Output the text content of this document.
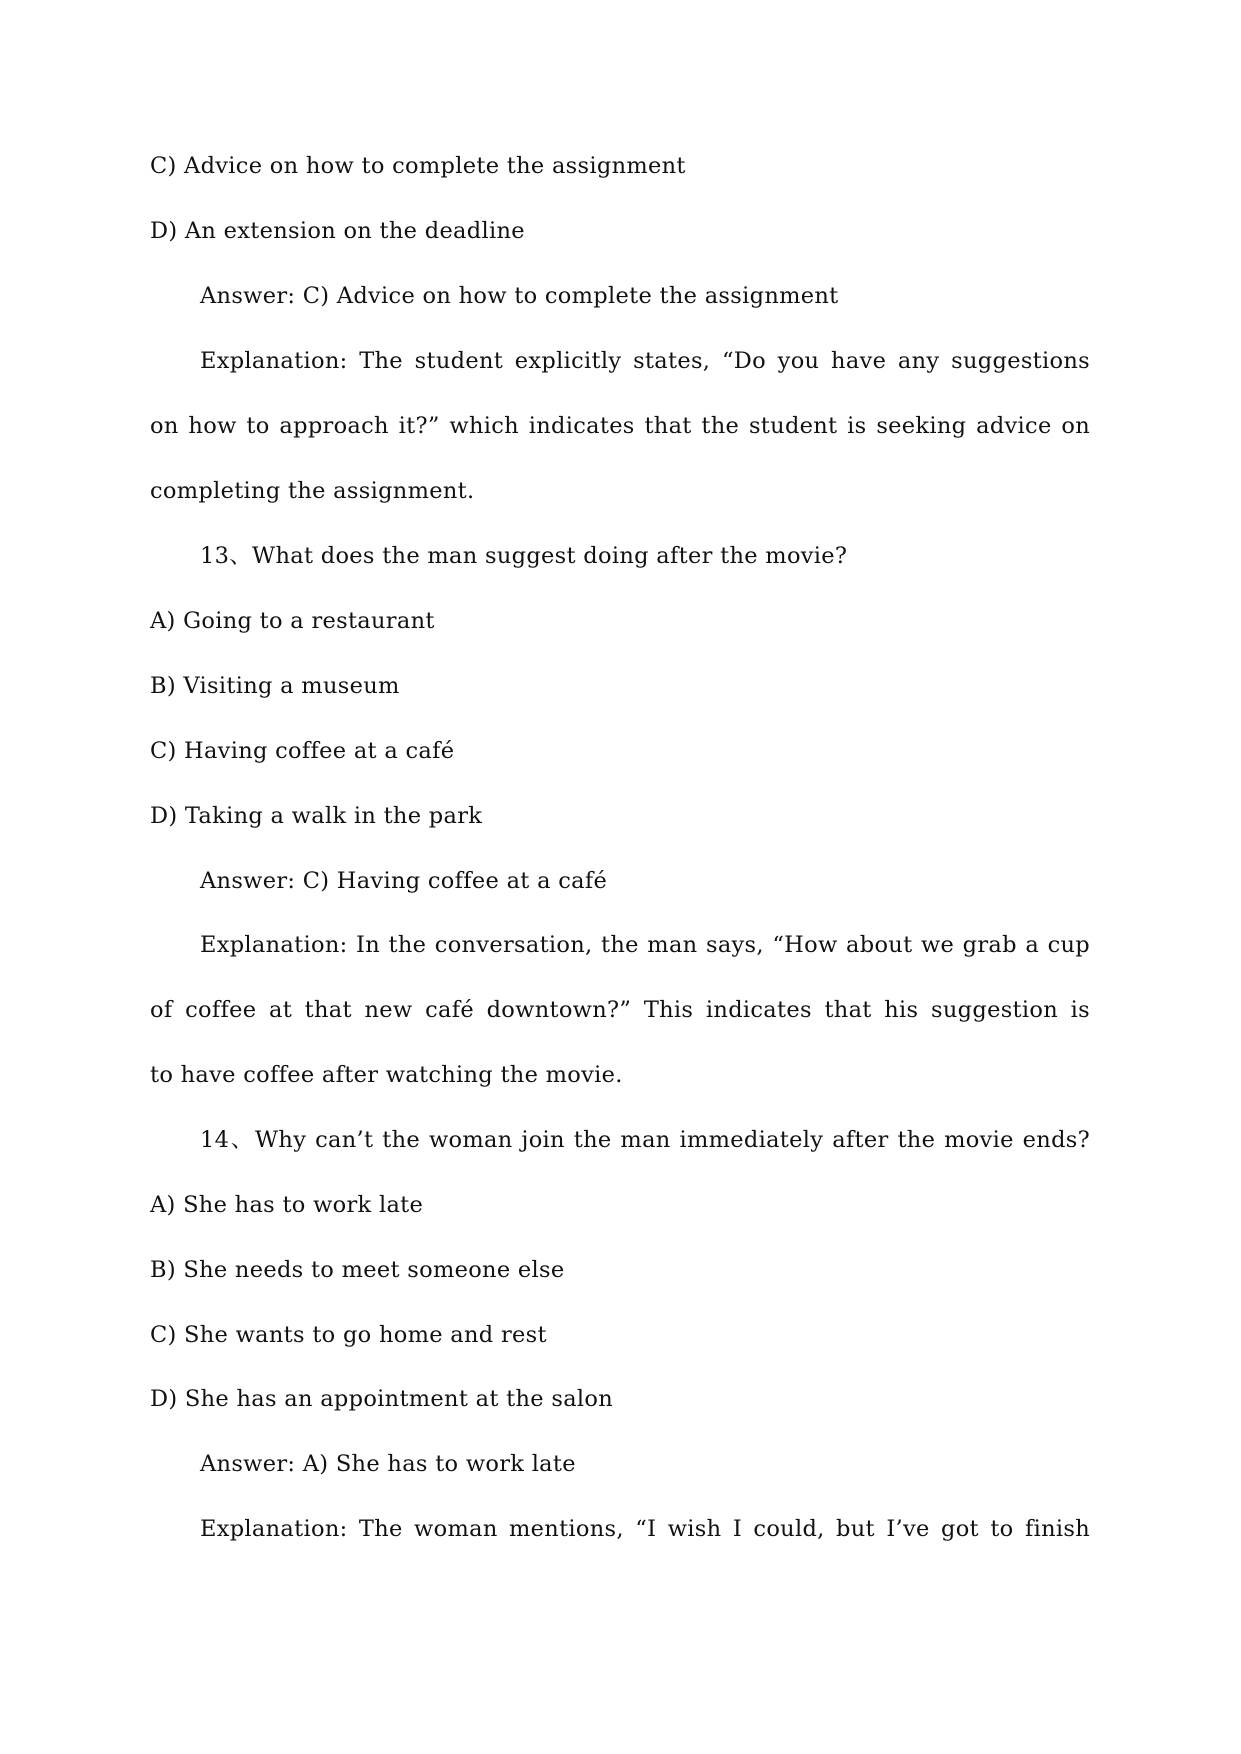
C) Advice on how to complete the assignment
D) An extension on the deadline
Answer: C) Advice on how to complete the assignment
Explanation: The student explicitly states, “Do you have any suggestions
on how to approach it?” which indicates that the student is seeking advice on
completing the assignment.
13、What does the man suggest doing after the movie?
A) Going to a restaurant
B) Visiting a museum
C) Having coffee at a café
D) Taking a walk in the park
Answer: C) Having coffee at a café
Explanation: In the conversation, the man says, “How about we grab a cup
of coffee at that new café downtown?” This indicates that his suggestion is
to have coffee after watching the movie.
14、Why can’t the woman join the man immediately after the movie ends?
A) She has to work late
B) She needs to meet someone else
C) She wants to go home and rest
D) She has an appointment at the salon
Answer: A) She has to work late
Explanation: The woman mentions, “I wish I could, but I’ve got to finish
